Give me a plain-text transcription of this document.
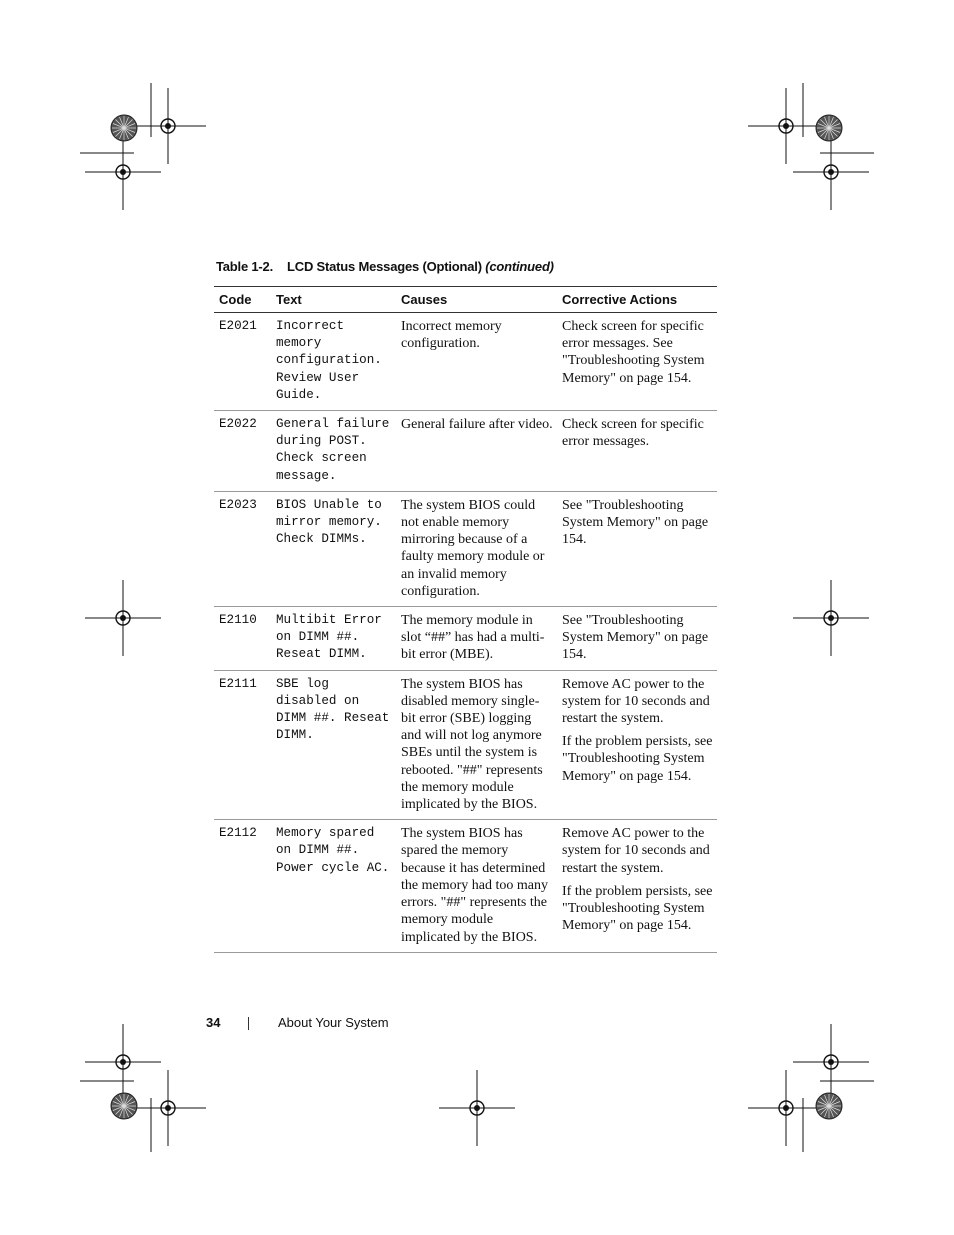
Table 1-2. LCD Status Messages (Optional) (continued)
Code	Text	Causes	Corrective Actions
E2021	Incorrect memory configuration. Review User Guide.	Incorrect memory configuration.	Check screen for specific error messages. See "Troubleshooting System Memory" on page 154.

E2022	General failure during POST. Check screen message.	General failure after video.	Check screen for specific error messages.

E2023	BIOS Unable to mirror memory. Check DIMMs.	The system BIOS could not enable memory mirroring because of a faulty memory module or an invalid memory configuration.	See "Troubleshooting System Memory" on page 154.

E2110	Multibit Error on DIMM ##. Reseat DIMM.	The memory module in slot “##” has had a multi-bit error (MBE).	See "Troubleshooting System Memory" on page 154.

E2111	SBE log disabled on DIMM ##. Reseat DIMM.	The system BIOS has disabled memory single-bit error (SBE) logging and will not log anymore SBEs until the system is rebooted. "##" represents the memory module implicated by the BIOS.	Remove AC power to the system for 10 seconds and restart the system.

If the problem persists, see "Troubleshooting System Memory" on page 154.

E2112	Memory spared on DIMM ##. Power cycle AC.	The system BIOS has spared the memory because it has determined the memory had too many errors. "##" represents the memory module implicated by the BIOS.	Remove AC power to the system for 10 seconds and restart the system.

If the problem persists, see "Troubleshooting System Memory" on page 154.

34	About Your System
